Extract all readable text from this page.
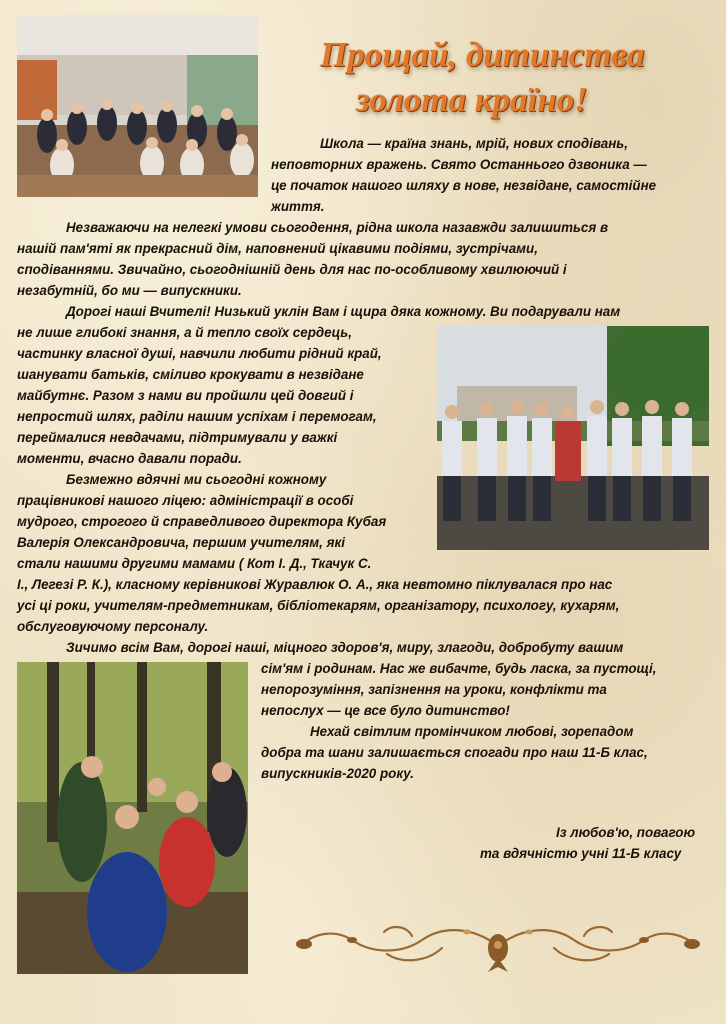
Прощай, дитинства
золота країно!
Школа — країна знань, мрій, нових сподівань,
неповторних вражень. Свято Останнього дзвоника —
це початок нашого шляху в нове, незвідане, самостійне
життя.
Незважаючи на нелегкі умови сьогодення, рідна школа назавжди залишиться в
нашій пам'яті як прекрасний дім, наповнений цікавими подіями, зустрічами,
сподіваннями. Звичайно, сьогоднішній день для нас по-особливому хвилюючий і
незабутній, бо ми — випускники.
Дорогі наші Вчителі! Низький уклін Вам і щира дяка кожному. Ви подарували нам
не лише глибокі знання, а й тепло своїх сердець,
частинку власної душі, навчили любити рідний край,
шанувати батьків, сміливо крокувати в незвідане
майбутнє. Разом з нами ви пройшли цей довгий і
непростий шлях, раділи нашим успіхам і перемогам,
переймалися невдачами, підтримували у важкі
моменти, вчасно давали поради.
Безмежно вдячні ми сьогодні кожному
працівникові нашого ліцею: адміністрації в особі
мудрого, строгого й справедливого директора Кубая
Валерія Олександровича, першим учителям, які
стали нашими другими мамами ( Кот І. Д., Ткачук С.
І., Легезі Р. К.), класному керівникові Журавлюк О. А., яка невтомно піклувалася про нас
усі ці роки, учителям-предметникам, бібліотекарям, організатору, психологу, кухарям,
обслуговуючому персоналу.
Зичимо всім Вам, дорогі наші, міцного здоров'я, миру, злагоди, добробуту вашим
сім'ям і родинам. Нас же вибачте, будь ласка, за пустощі,
непорозуміння, запізнення на уроки, конфлікти та
непослух — це все було дитинство!
Нехай світлим промінчиком любові, зорепадом
добра та шани залишається спогади про наш 11-Б клас,
випускників-2020 року.
Із любов'ю, повагою
та вдячністю учні 11-Б класу
